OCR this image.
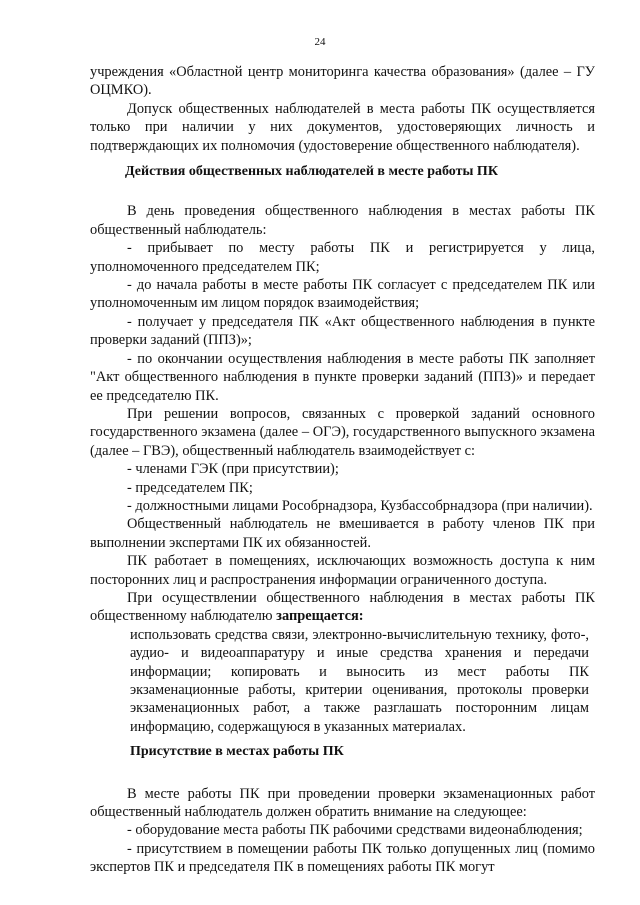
24

учреждения «Областной центр мониторинга качества образования» (далее – ГУ ОЦМКО).

Допуск общественных наблюдателей в места работы ПК осуществляется только при наличии у них документов, удостоверяющих личность и подтверждающих их полномочия (удостоверение общественного наблюдателя).

Действия общественных наблюдателей в месте работы ПК

В день проведения общественного наблюдения в местах работы ПК общественный наблюдатель:

- прибывает по месту работы ПК и регистрируется у лица, уполномоченного председателем ПК;

- до начала работы в месте работы ПК согласует с председателем ПК или уполномоченным им лицом порядок взаимодействия;

- получает у председателя ПК «Акт общественного наблюдения в пункте проверки заданий (ППЗ)»;

- по окончании осуществления наблюдения в месте работы ПК заполняет "Акт общественного наблюдения в пункте проверки заданий (ППЗ)» и передает ее председателю ПК.

При решении вопросов, связанных с проверкой заданий основного государственного экзамена (далее – ОГЭ), государственного выпускного экзамена (далее – ГВЭ), общественный наблюдатель взаимодействует с:

- членами ГЭК (при присутствии);

- председателем ПК;

- должностными лицами Рособрнадзора, Кузбассобрнадзора (при наличии).

Общественный наблюдатель не вмешивается в работу членов ПК при выполнении экспертами ПК их обязанностей.

ПК работает в помещениях, исключающих возможность доступа к ним посторонних лиц и распространения информации ограниченного доступа.

При осуществлении общественного наблюдения в местах работы ПК общественному наблюдателю запрещается:

использовать средства связи, электронно-вычислительную технику, фото-, аудио- и видеоаппаратуру и иные средства хранения и передачи информации; копировать и выносить из мест работы ПК экзаменационные работы, критерии оценивания, протоколы проверки экзаменационных работ, а также разглашать посторонним лицам информацию, содержащуюся в указанных материалах.

Присутствие в местах работы ПК

В месте работы ПК при проведении проверки экзаменационных работ общественный наблюдатель должен обратить внимание на следующее:

- оборудование места работы ПК рабочими средствами видеонаблюдения;

- присутствием в помещении работы ПК только допущенных лиц (помимо экспертов ПК и председателя ПК в помещениях работы ПК могут
